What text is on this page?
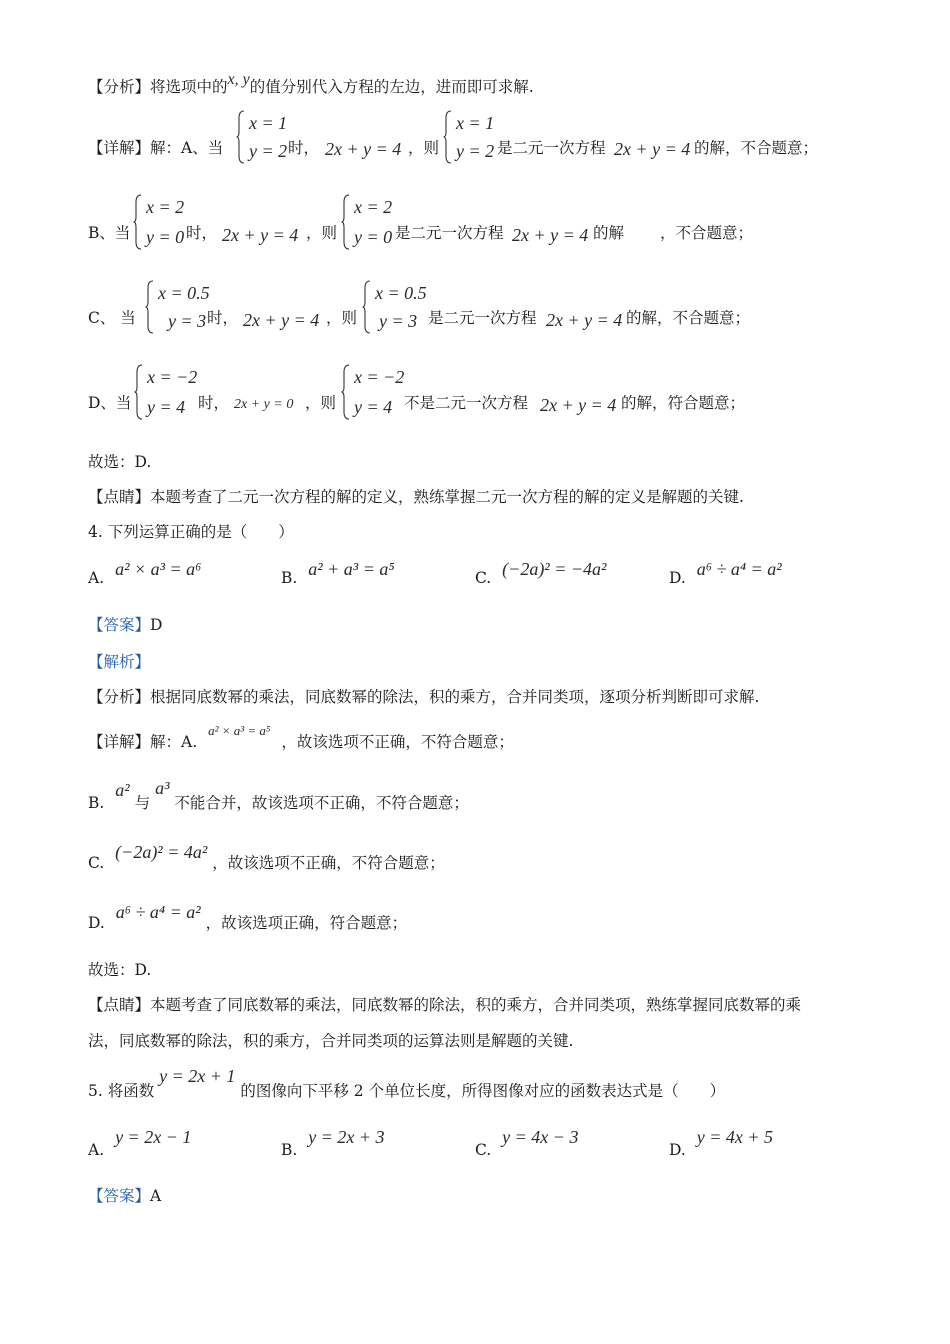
【分析】将选项中的x, y的值分别代入方程的左边，进而即可求解.
【详解】解：A、当
x = 1
y = 2 时， 2x + y = 4 ，则
x = 1
y = 2 是二元一次方程 2x + y = 4 的解，不合题意；
B、当
x = 2
y = 0 时， 2x + y = 4 ，则
x = 2
y = 0 是二元一次方程 2x + y = 4 的解 ，不合题意；
C、 当
x = 0.5
y = 3 时， 2x + y = 4 ，则
x = 0.5
y = 3 是二元一次方程 2x + y = 4 的解，不合题意；
D、当
x = −2
y = 4 时， 2x + y = 0 ，则
x = −2
y = 4 不是二元一次方程 2x + y = 4 的解，符合题意；
故选：D.
【点睛】本题考查了二元一次方程的解的定义，熟练掌握二元一次方程的解的定义是解题的关键.
4. 下列运算正确的是（　　）
A. a² × a³ = a⁶	B. a² + a³ = a⁵	C. (−2a)² = −4a²	D. a⁶ ÷ a⁴ = a²
【答案】D
【解析】
【分析】根据同底数幂的乘法，同底数幂的除法，积的乘方，合并同类项，逐项分析判断即可求解.
【详解】解：A. $^{a^2 \times a^3 = a^5}$ ，故该选项不正确，不符合题意；
B. a² 与 a³ 不能合并，故该选项不正确，不符合题意；
C. (−2a)² = 4a² ，故该选项不正确，不符合题意；
D. a⁶ ÷ a⁴ = a² ，故该选项正确，符合题意；
故选：D.
【点睛】本题考查了同底数幂的乘法，同底数幂的除法，积的乘方，合并同类项，熟练掌握同底数幂的乘
法，同底数幂的除法，积的乘方，合并同类项的运算法则是解题的关键.
5. 将函数 y = 2x + 1 的图像向下平移 2 个单位长度，所得图像对应的函数表达式是（　　）
A. y = 2x − 1
B. y = 2x + 3
C. y = 4x − 3
D. y = 4x + 5
【答案】A
